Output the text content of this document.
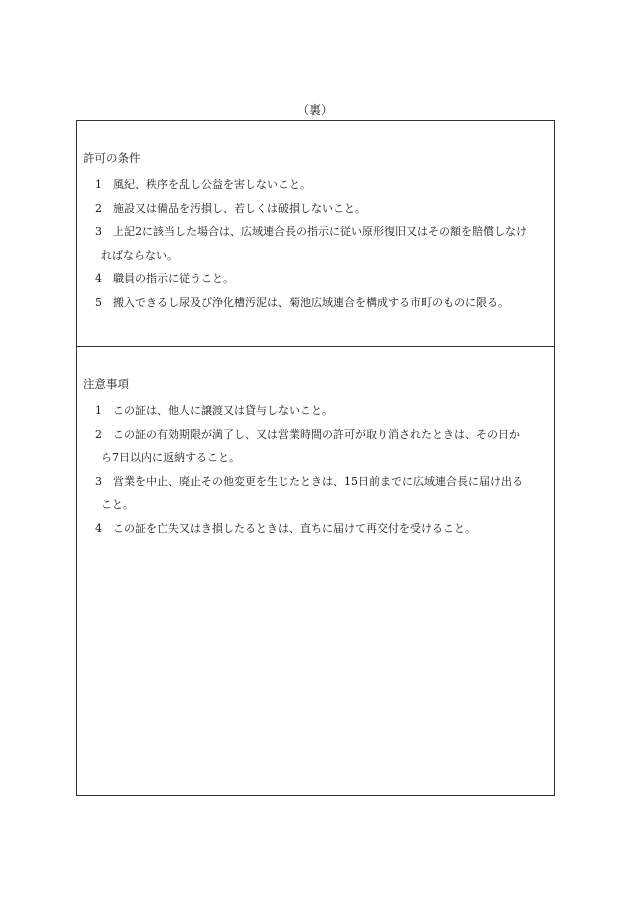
（裏）
許可の条件
1 風紀、秩序を乱し公益を害しないこと。
2 施設又は備品を汚損し、若しくは破損しないこと。
3 上記2に該当した場合は、広域連合長の指示に従い原形復旧又はその額を賠償しなけ
ればならない。
4 職員の指示に従うこと。
5 搬入できるし尿及び浄化槽汚泥は、菊池広域連合を構成する市町のものに限る。
注意事項
1 この証は、他人に譲渡又は貸与しないこと。
2 この証の有効期限が満了し、又は営業時間の許可が取り消されたときは、その日か
ら7日以内に返納すること。
3 営業を中止、廃止その他変更を生じたときは、15日前までに広域連合長に届け出る
こと。
4 この証を亡失又はき損したるときは、直ちに届けて再交付を受けること。
